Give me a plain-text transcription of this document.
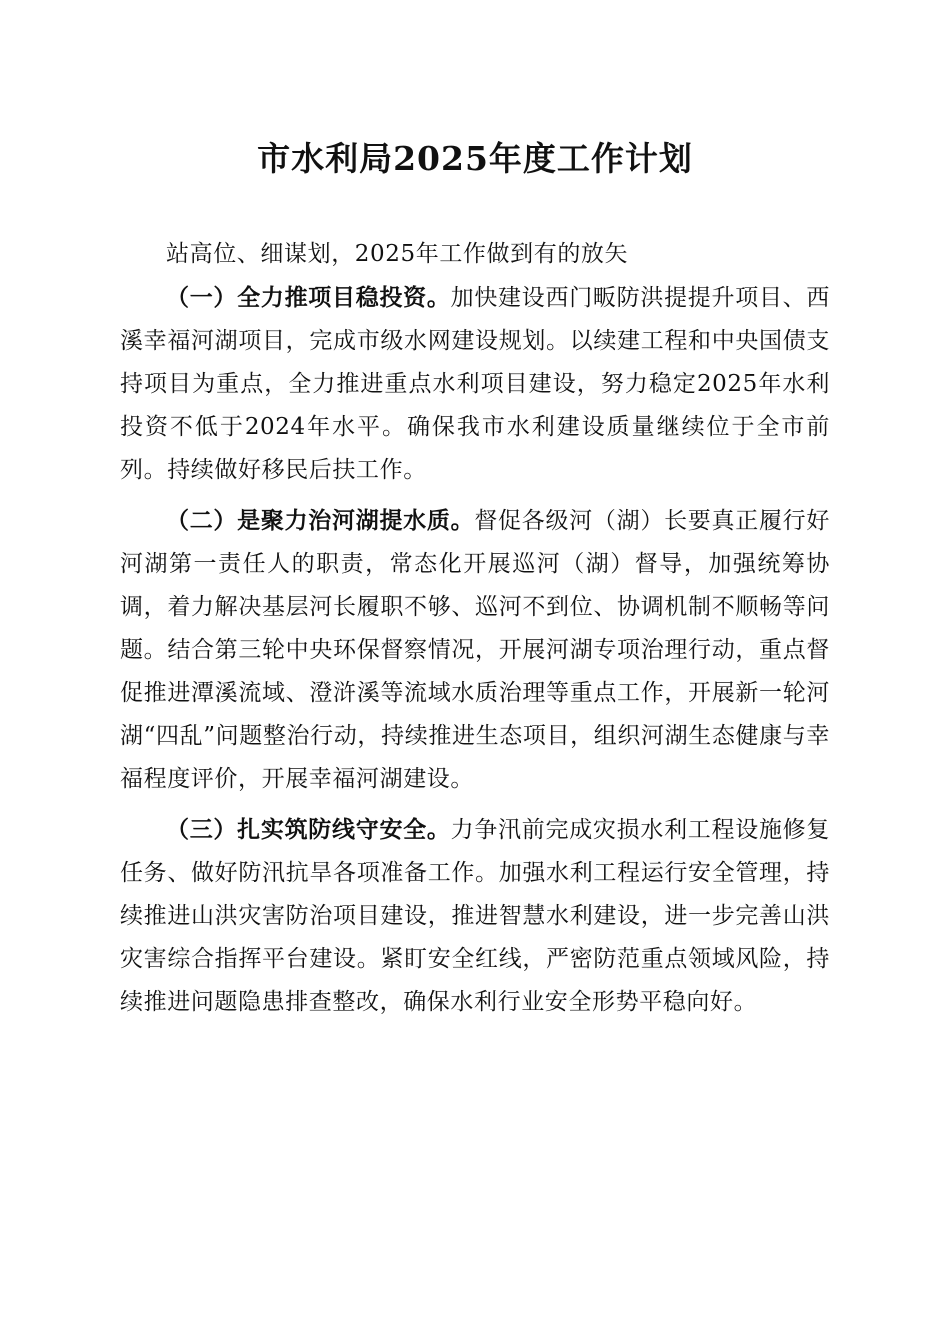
市水利局2025年度工作计划

站高位、细谋划，2025年工作做到有的放矢

（一）全力推项目稳投资。加快建设西门畈防洪提提升项目、西溪幸福河湖项目，完成市级水网建设规划。以续建工程和中央国债支持项目为重点，全力推进重点水利项目建设，努力稳定2025年水利投资不低于2024年水平。确保我市水利建设质量继续位于全市前列。持续做好移民后扶工作。

（二）是聚力治河湖提水质。督促各级河（湖）长要真正履行好河湖第一责任人的职责，常态化开展巡河（湖）督导，加强统筹协调，着力解决基层河长履职不够、巡河不到位、协调机制不顺畅等问题。结合第三轮中央环保督察情况，开展河湖专项治理行动，重点督促推进潭溪流域、澄浒溪等流域水质治理等重点工作，开展新一轮河湖“四乱”问题整治行动，持续推进生态项目，组织河湖生态健康与幸福程度评价，开展幸福河湖建设。

（三）扎实筑防线守安全。力争汛前完成灾损水利工程设施修复任务、做好防汛抗旱各项准备工作。加强水利工程运行安全管理，持续推进山洪灾害防治项目建设，推进智慧水利建设，进一步完善山洪灾害综合指挥平台建设。紧盯安全红线，严密防范重点领域风险，持续推进问题隐患排查整改，确保水利行业安全形势平稳向好。
